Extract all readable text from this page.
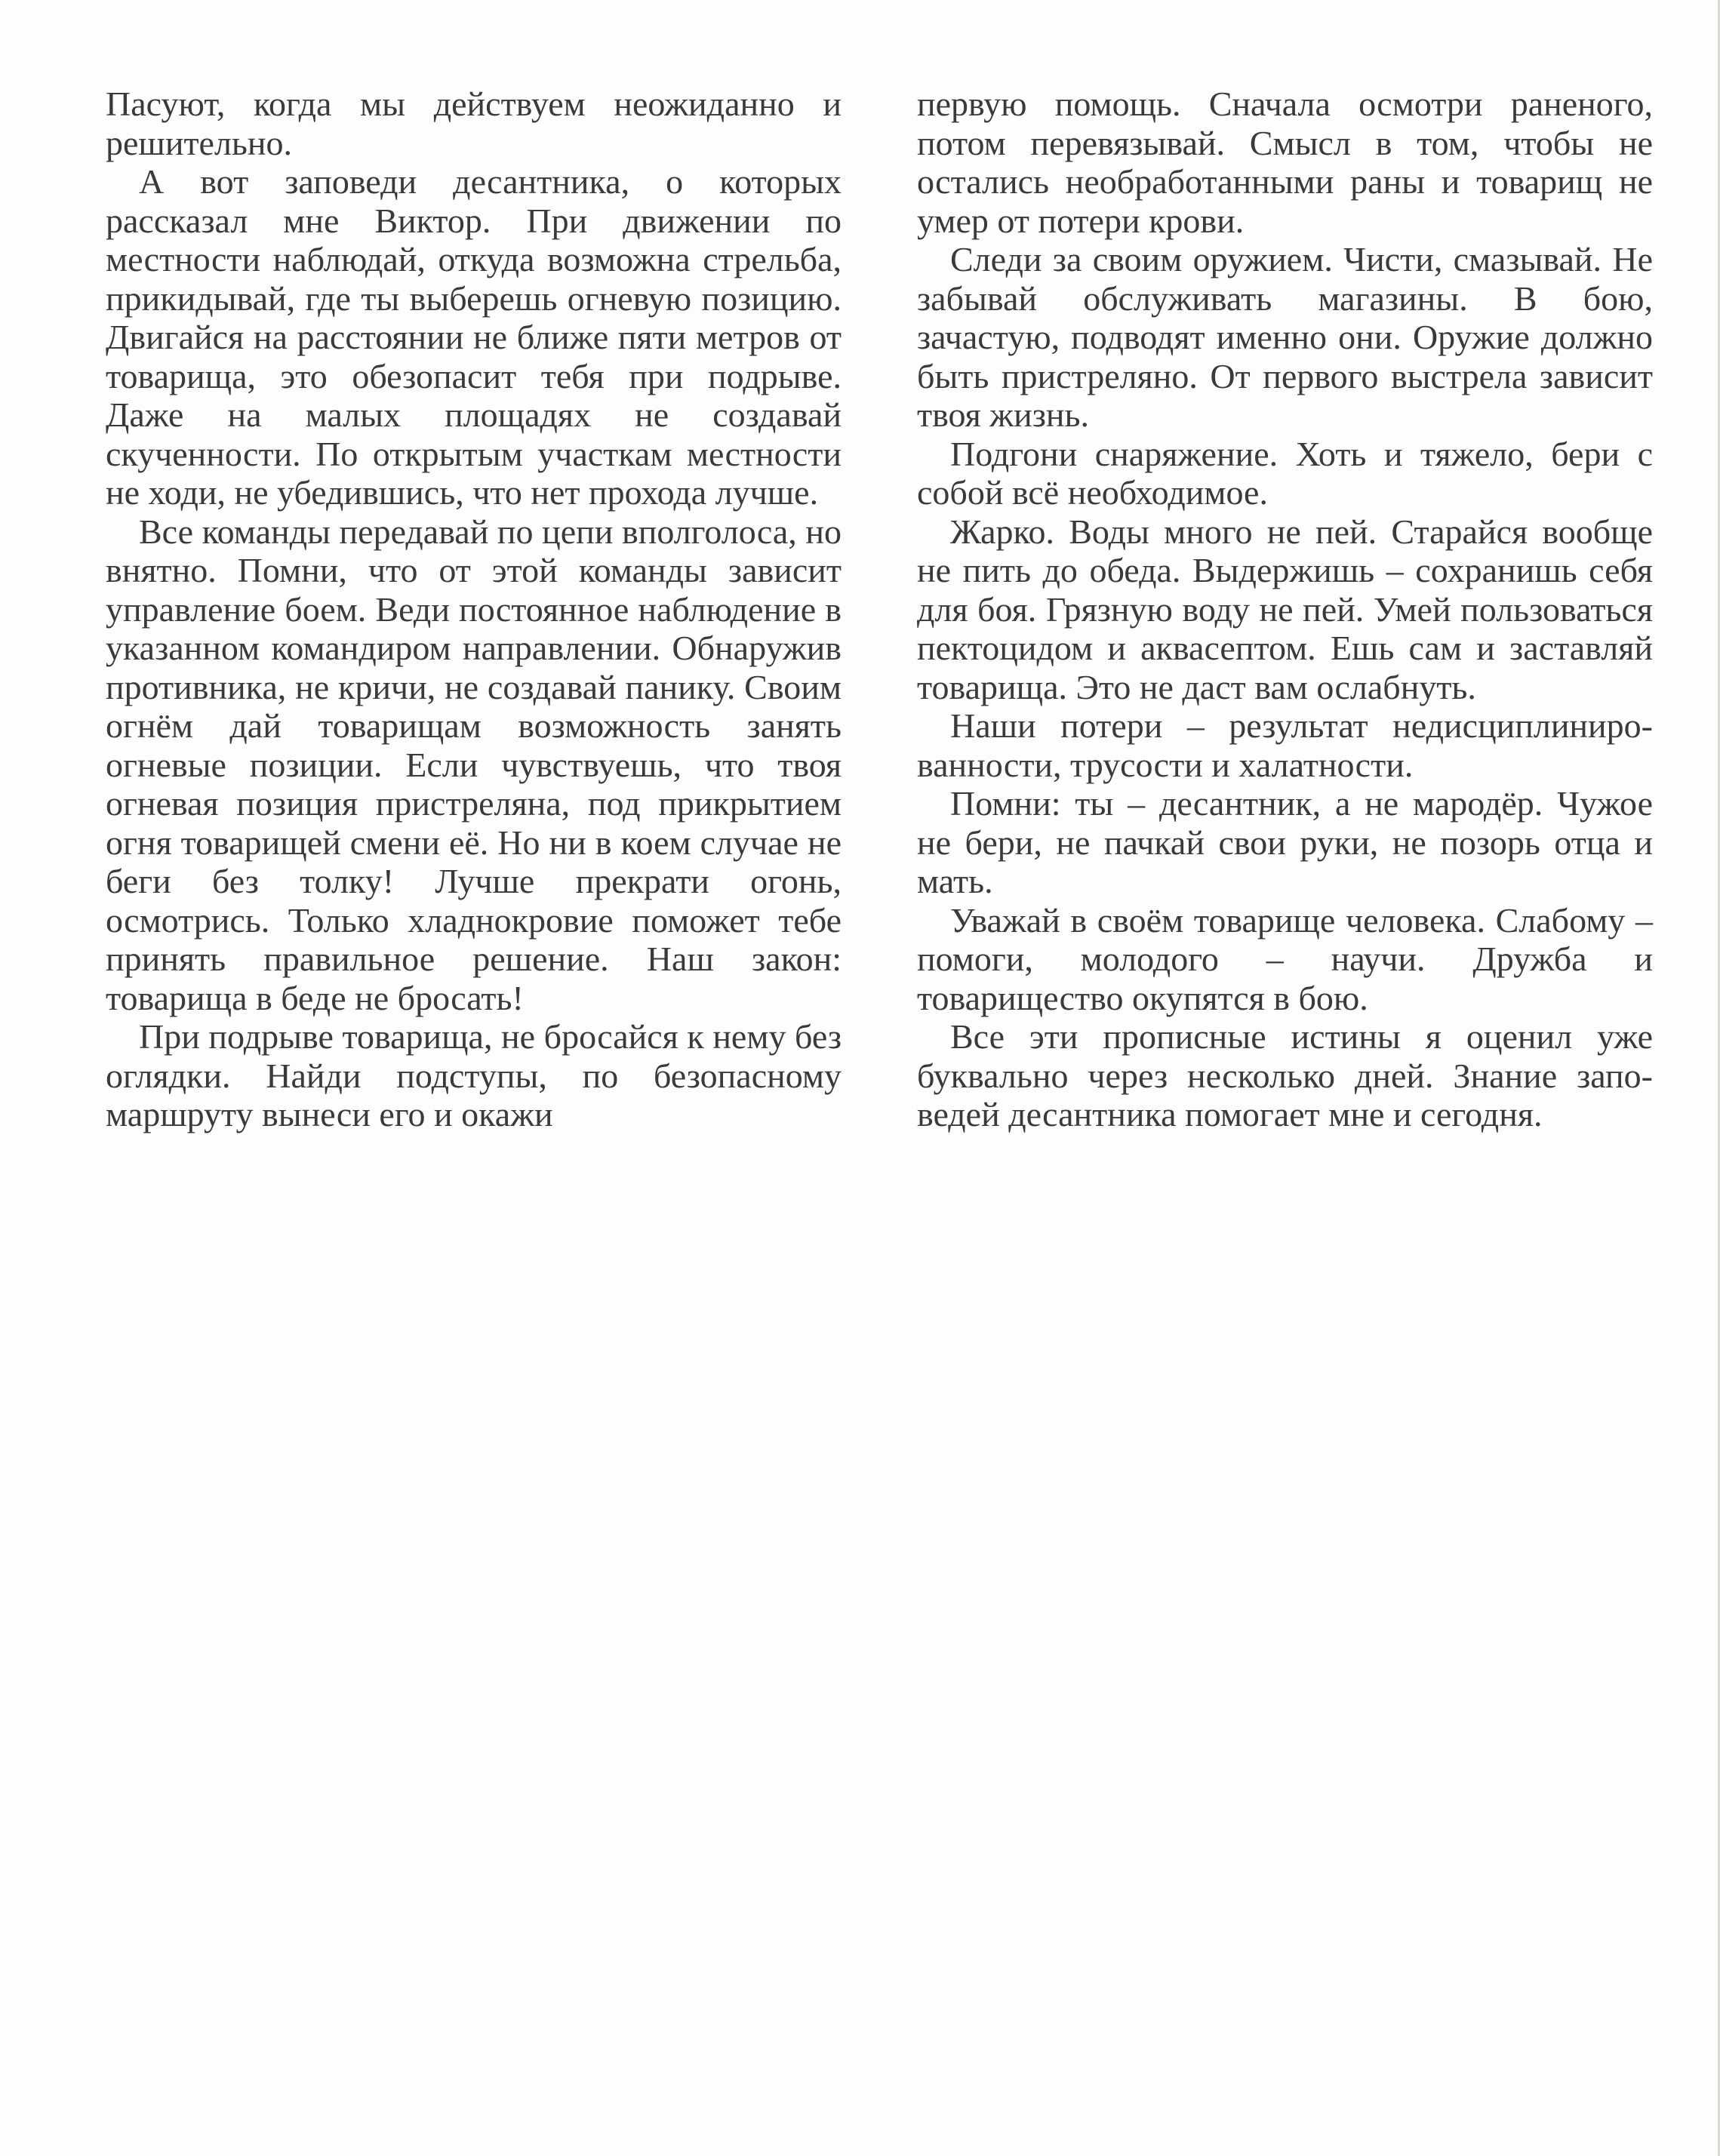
Пасуют, когда мы действуем неожиданно и решительно.

А вот заповеди десантника, о которых рассказал мне Виктор. При движении по местности наблюдай, откуда возможна стрельба, прикидывай, где ты выберешь огневую позицию. Двигайся на расстоянии не ближе пяти метров от товарища, это обезопасит тебя при подрыве. Даже на малых площадях не создавай скученности. По открытым участкам местности не ходи, не убедившись, что нет прохода лучше.

Все команды передавай по цепи вполголоса, но внятно. Помни, что от этой команды зависит управление боем. Веди постоянное наблюдение в указанном командиром направлении. Обнаружив противника, не кричи, не создавай панику. Своим огнём дай товарищам возможность занять огневые позиции. Если чувствуешь, что твоя огневая позиция пристреляна, под прикрытием огня товарищей смени её. Но ни в коем случае не беги без толку! Лучше прекрати огонь, осмотрись. Только хладнокровие поможет тебе принять правильное решение. Наш закон: товарища в беде не бросать!

При подрыве товарища, не бросайся к нему без оглядки. Найди подступы, по безопасному маршруту вынеси его и окажи

первую помощь. Сначала осмотри раненого, потом перевязывай. Смысл в том, чтобы не остались необработанными раны и товарищ не умер от потери крови.

Следи за своим оружием. Чисти, смазывай. Не забывай обслуживать магазины. В бою, зачастую, подводят именно они. Оружие должно быть пристреляно. От первого выстрела зависит твоя жизнь.

Подгони снаряжение. Хоть и тяжело, бери с собой всё необходимое.

Жарко. Воды много не пей. Старайся вообще не пить до обеда. Выдержишь – сохранишь себя для боя. Грязную воду не пей. Умей пользоваться пектоцидом и аквасептом. Ешь сам и заставляй товарища. Это не даст вам ослабнуть.

Наши потери – результат недисциплинированности, трусости и халатности.

Помни: ты – десантник, а не мародёр. Чужое не бери, не пачкай свои руки, не позорь отца и мать.

Уважай в своём товарище человека. Слабому – помоги, молодого – научи. Дружба и товарищество окупятся в бою.

Все эти прописные истины я оценил уже буквально через несколько дней. Знание заповедей десантника помогает мне и сегодня.
